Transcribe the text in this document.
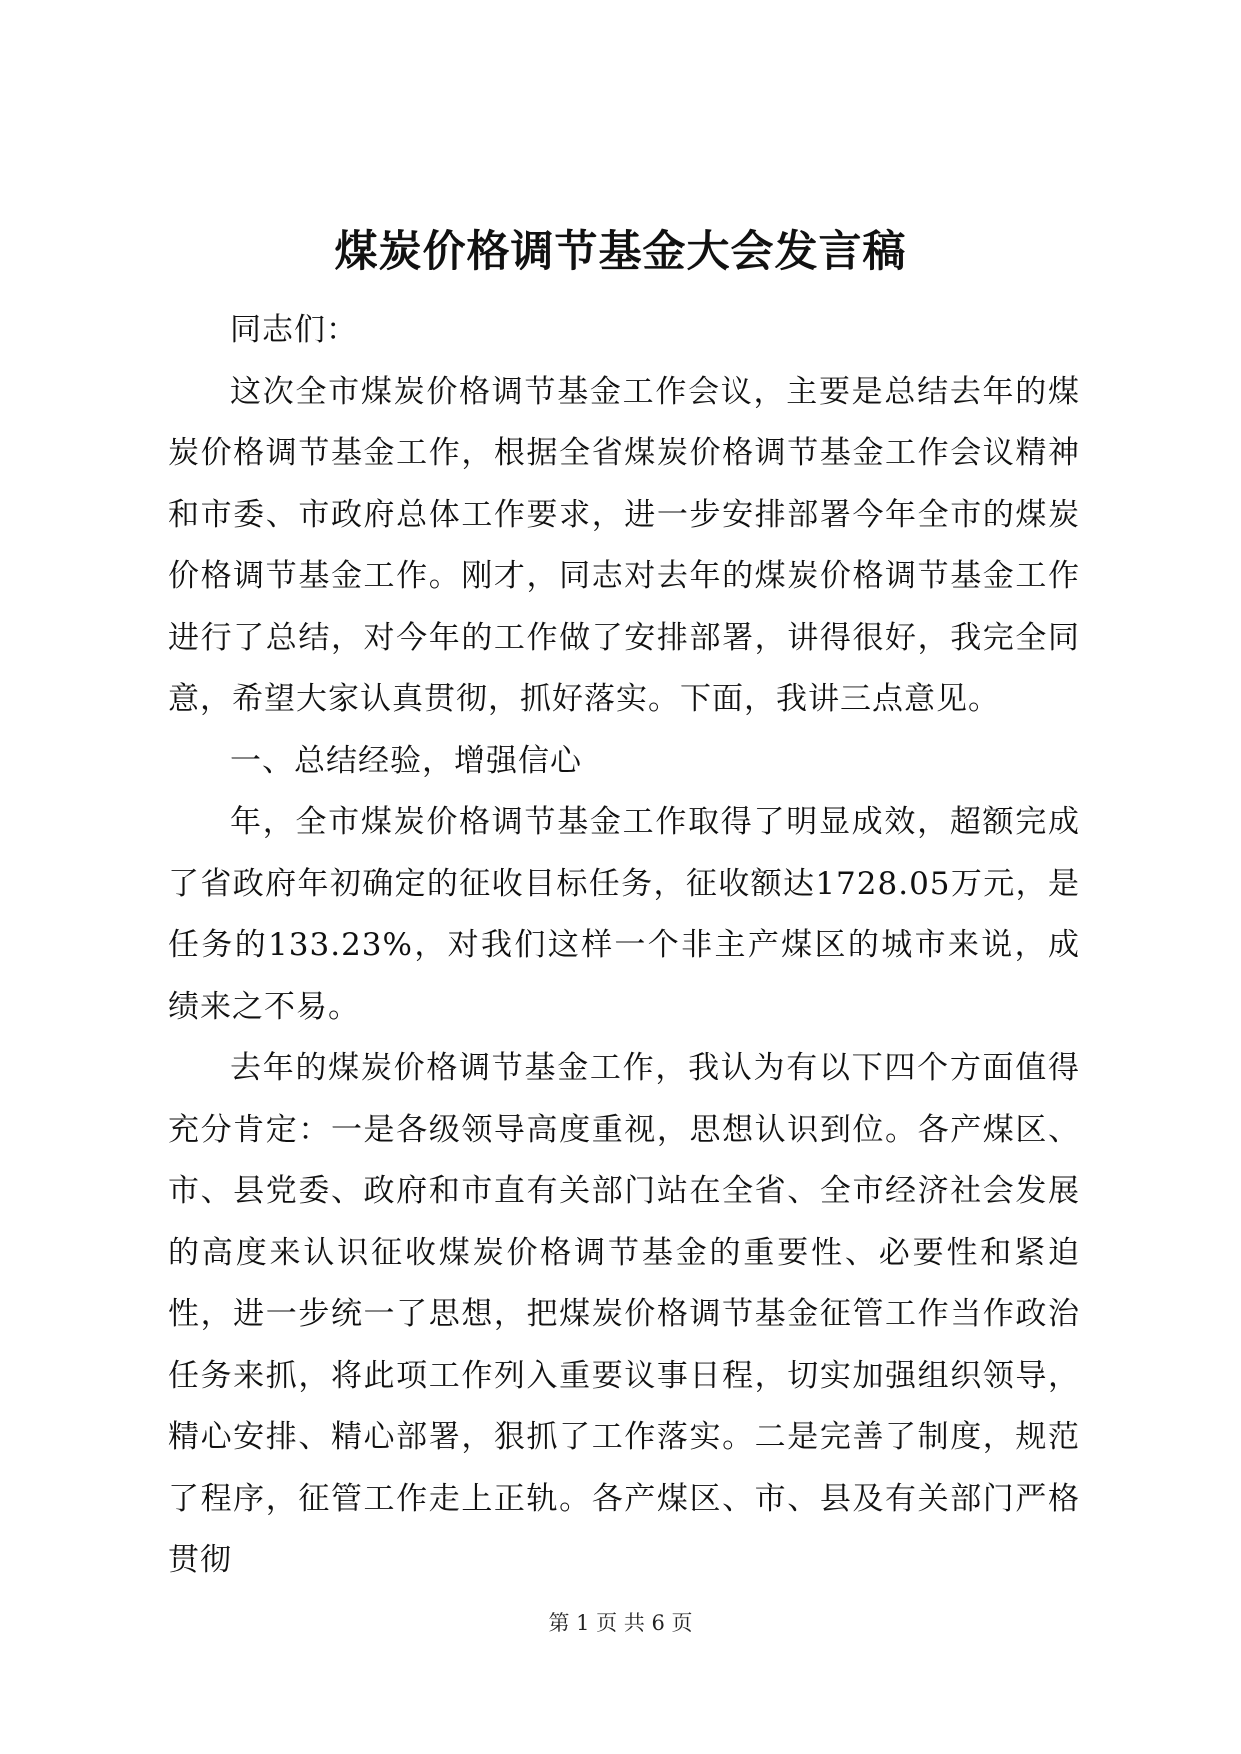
煤炭价格调节基金大会发言稿

同志们：

这次全市煤炭价格调节基金工作会议，主要是总结去年的煤炭价格调节基金工作，根据全省煤炭价格调节基金工作会议精神和市委、市政府总体工作要求，进一步安排部署今年全市的煤炭价格调节基金工作。刚才，同志对去年的煤炭价格调节基金工作进行了总结，对今年的工作做了安排部署，讲得很好，我完全同意，希望大家认真贯彻，抓好落实。下面，我讲三点意见。

一、总结经验，增强信心

年，全市煤炭价格调节基金工作取得了明显成效，超额完成了省政府年初确定的征收目标任务，征收额达1728.05万元，是任务的133.23%，对我们这样一个非主产煤区的城市来说，成绩来之不易。

去年的煤炭价格调节基金工作，我认为有以下四个方面值得充分肯定：一是各级领导高度重视，思想认识到位。各产煤区、市、县党委、政府和市直有关部门站在全省、全市经济社会发展的高度来认识征收煤炭价格调节基金的重要性、必要性和紧迫性，进一步统一了思想，把煤炭价格调节基金征管工作当作政治任务来抓，将此项工作列入重要议事日程，切实加强组织领导，精心安排、精心部署，狠抓了工作落实。二是完善了制度，规范了程序，征管工作走上正轨。各产煤区、市、县及有关部门严格贯彻

第 1 页 共 6 页
